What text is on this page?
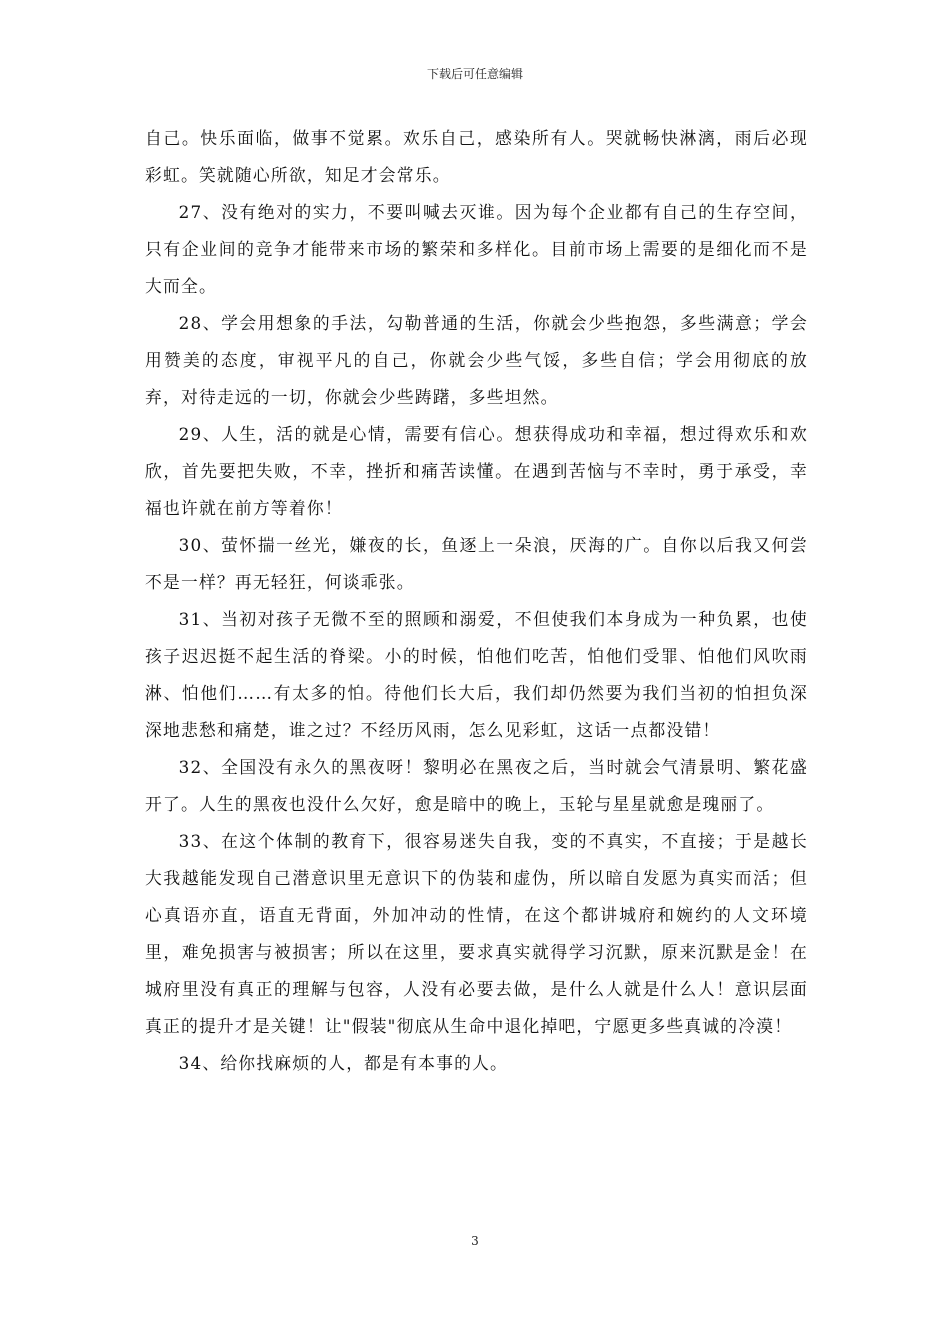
下载后可任意编辑

自己。快乐面临，做事不觉累。欢乐自己，感染所有人。哭就畅快淋漓，雨后必现彩虹。笑就随心所欲，知足才会常乐。

27、没有绝对的实力，不要叫喊去灭谁。因为每个企业都有自己的生存空间，只有企业间的竞争才能带来市场的繁荣和多样化。目前市场上需要的是细化而不是大而全。

28、学会用想象的手法，勾勒普通的生活，你就会少些抱怨，多些满意；学会用赞美的态度，审视平凡的自己，你就会少些气馁，多些自信；学会用彻底的放弃，对待走远的一切，你就会少些踌躇，多些坦然。

29、人生，活的就是心情，需要有信心。想获得成功和幸福，想过得欢乐和欢欣，首先要把失败，不幸，挫折和痛苦读懂。在遇到苦恼与不幸时，勇于承受，幸福也许就在前方等着你！

30、萤怀揣一丝光，嫌夜的长，鱼逐上一朵浪，厌海的广。自你以后我又何尝不是一样？再无轻狂，何谈乖张。

31、当初对孩子无微不至的照顾和溺爱，不但使我们本身成为一种负累，也使孩子迟迟挺不起生活的脊梁。小的时候，怕他们吃苦，怕他们受罪、怕他们风吹雨淋、怕他们……有太多的怕。待他们长大后，我们却仍然要为我们当初的怕担负深深地悲愁和痛楚，谁之过？不经历风雨，怎么见彩虹，这话一点都没错！

32、全国没有永久的黑夜呀！黎明必在黑夜之后，当时就会气清景明、繁花盛开了。人生的黑夜也没什么欠好，愈是暗中的晚上，玉轮与星星就愈是瑰丽了。

33、在这个体制的教育下，很容易迷失自我，变的不真实，不直接；于是越长大我越能发现自己潜意识里无意识下的伪装和虚伪，所以暗自发愿为真实而活；但心真语亦直，语直无背面，外加冲动的性情，在这个都讲城府和婉约的人文环境里，难免损害与被损害；所以在这里，要求真实就得学习沉默，原来沉默是金！在城府里没有真正的理解与包容，人没有必要去做，是什么人就是什么人！意识层面真正的提升才是关键！让"假装"彻底从生命中退化掉吧，宁愿更多些真诚的冷漠！

34、给你找麻烦的人，都是有本事的人。

3
